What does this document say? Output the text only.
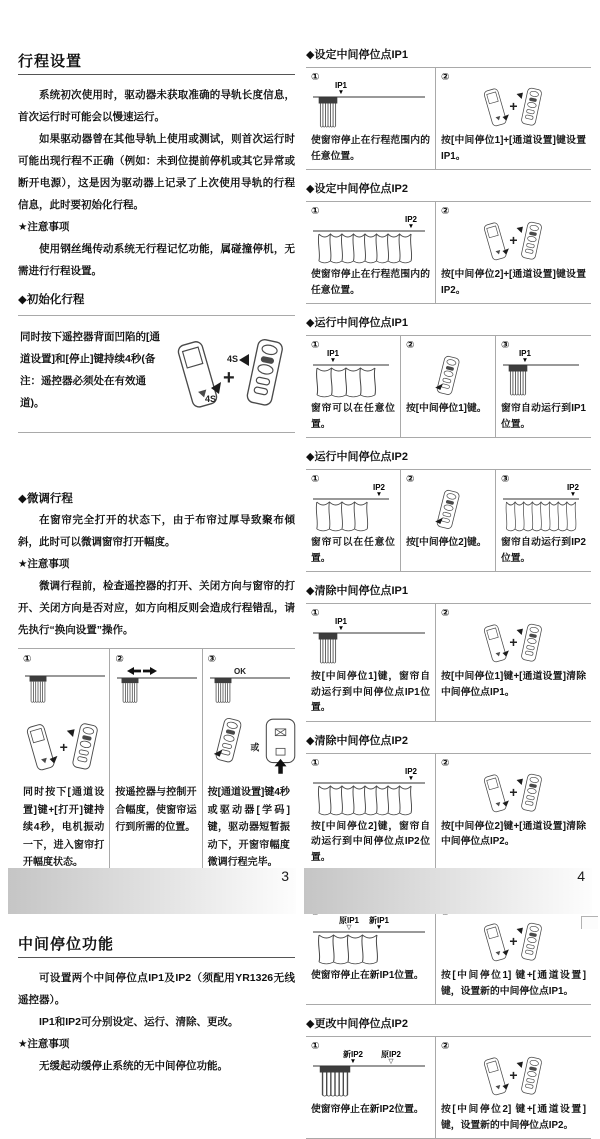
行程设置

系统初次使用时，驱动器未获取准确的导轨长度信息，首次运行时可能会以慢速运行。

如果驱动器曾在其他导轨上使用或测试，则首次运行时可能出现行程不正确（例如：未到位提前停机或其它异常或断开电源），这是因为驱动器上记录了上次使用导轨的行程信息，此时要初始化行程。

★注意事项

使用钢丝绳传动系统无行程记忆功能，属碰撞停机，无需进行行程设置。

◆初始化行程

同时按下遥控器背面凹陷的[通道设置]和[停止]键持续4秒(备注：遥控器必须处在有效通道)。	4S
+
4S

◆微调行程

在窗帘完全打开的状态下，由于布帘过厚导致聚布倾斜，此时可以微调窗帘打开幅度。

★注意事项

微调行程前，检查遥控器的打开、关闭方向与窗帘的打开、关闭方向是否对应，如方向相反则会造成行程错乱，请先执行“换向设置”操作。

①
+

同时按下[通道设置]键+[打开]键持续4秒，电机振动一下，进入窗帘打开幅度状态。

②

按遥控器与控制开合幅度，使窗帘运行到所需的位置。

③
OK

或

按[通道设置]键4秒或驱动器[学码]键，驱动器短暂振动下，开窗帘幅度微调行程完毕。

中间停位功能

可设置两个中间停位点IP1及IP2（须配用YR1326无线遥控器）。

IP1和IP2可分别设定、运行、清除、更改。

★注意事项

无缓起动缓停止系统的无中间停位功能。

◆设定中间停位点IP1

①
IP1
▼

使窗帘停止在行程范围内的任意位置。

②
+

按[中间停位1]+[通道设置]键设置IP1。

◆设定中间停位点IP2

①
IP2
▼

使窗帘停止在行程范围内的任意位置。

②
+

按[中间停位2]+[通道设置]键设置IP2。

◆运行中间停位点IP1

①
IP1
▼

窗帘可以在任意位置。

②

按[中间停位1]键。

③
IP1
▼

窗帘自动运行到IP1位置。

◆运行中间停位点IP2

①
IP2
▼

窗帘可以在任意位置。

②

按[中间停位2]键。

③
IP2
▼

窗帘自动运行到IP2位置。

◆清除中间停位点IP1

①
IP1
▼

按[中间停位1]键，窗帘自动运行到中间停位点IP1位置。

②
+

按[中间停位1]键+[通道设置]清除中间停位点IP1。

◆清除中间停位点IP2

①
IP2
▼

按[中间停位2]键，窗帘自动运行到中间停位点IP2位置。

②
+

按[中间停位2]键+[通道设置]清除中间停位点IP2。

原IP1
▽
新IP1
▼

使窗帘停止在新IP1位置。

+

按[中间停位1] 键+[通道设置] 键，设置新的中间停位点IP1。

◆更改中间停位点IP2

①
新IP2
▼
原IP2
▽

使窗帘停止在新IP2位置。

②
+

按[中间停位2] 键+[通道设置] 键，设置新的中间停位点IP2。

3	4
